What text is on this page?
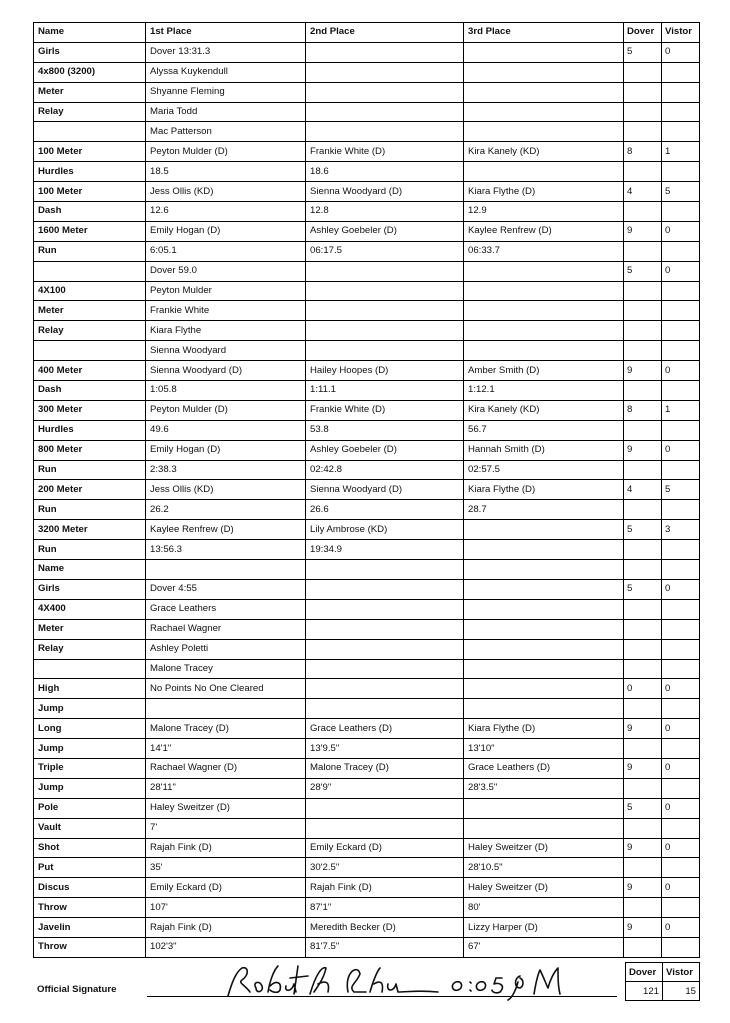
Name	1st Place	2nd Place	3rd Place	Dover	Vistor
Girls	Dover 13:31.3			5	0
4x800 (3200)	Alyssa Kuykendull				
Meter	Shyanne Fleming				
Relay	Maria Todd				
	Mac Patterson				
100 Meter	Peyton Mulder (D)	Frankie White (D)	Kira Kanely (KD)	8	1
Hurdles	18.5	18.6			
100 Meter	Jess Ollis (KD)	Sienna Woodyard (D)	Kiara Flythe (D)	4	5
Dash	12.6	12.8	12.9		
1600 Meter	Emily Hogan (D)	Ashley Goebeler (D)	Kaylee Renfrew (D)	9	0
Run	6:05.1	06:17.5	06:33.7		
	Dover 59.0			5	0
4X100	Peyton Mulder				
Meter	Frankie White				
Relay	Kiara Flythe				
	Sienna Woodyard				
400 Meter	Sienna Woodyard (D)	Hailey Hoopes (D)	Amber Smith (D)	9	0
Dash	1:05.8	1:11.1	1:12.1		
300 Meter	Peyton Mulder (D)	Frankie White (D)	Kira Kanely (KD)	8	1
Hurdles	49.6	53.8	56.7		
800 Meter	Emily Hogan (D)	Ashley Goebeler (D)	Hannah Smith (D)	9	0
Run	2:38.3	02:42.8	02:57.5		
200 Meter	Jess Ollis (KD)	Sienna Woodyard (D)	Kiara Flythe (D)	4	5
Run	26.2	26.6	28.7		
3200 Meter	Kaylee Renfrew (D)	Lily Ambrose (KD)		5	3
Run	13:56.3	19:34.9			
Name					
Girls	Dover 4:55			5	0
4X400	Grace Leathers				
Meter	Rachael Wagner				
Relay	Ashley Poletti				
	Malone Tracey				
High	No Points No One Cleared			0	0
Jump					
Long	Malone Tracey (D)	Grace Leathers (D)	Kiara Flythe (D)	9	0
Jump	14'1"	13'9.5"	13'10"		
Triple	Rachael Wagner (D)	Malone Tracey (D)	Grace Leathers (D)	9	0
Jump	28'11"	28'9"	28'3.5"		
Pole	Haley Sweitzer (D)			5	0
Vault	7'				
Shot	Rajah Fink (D)	Emily Eckard (D)	Haley Sweitzer (D)	9	0
Put	35'	30'2.5"	28'10.5"		
Discus	Emily Eckard (D)	Rajah Fink (D)	Haley Sweitzer (D)	9	0
Throw	107'	87'1"	80'		
Javelin	Rajah Fink (D)	Meredith Becker (D)	Lizzy Harper (D)	9	0
Throw	102'3"	81'7.5"	67'		
Official Signature
Dover	Vistor
121	15
